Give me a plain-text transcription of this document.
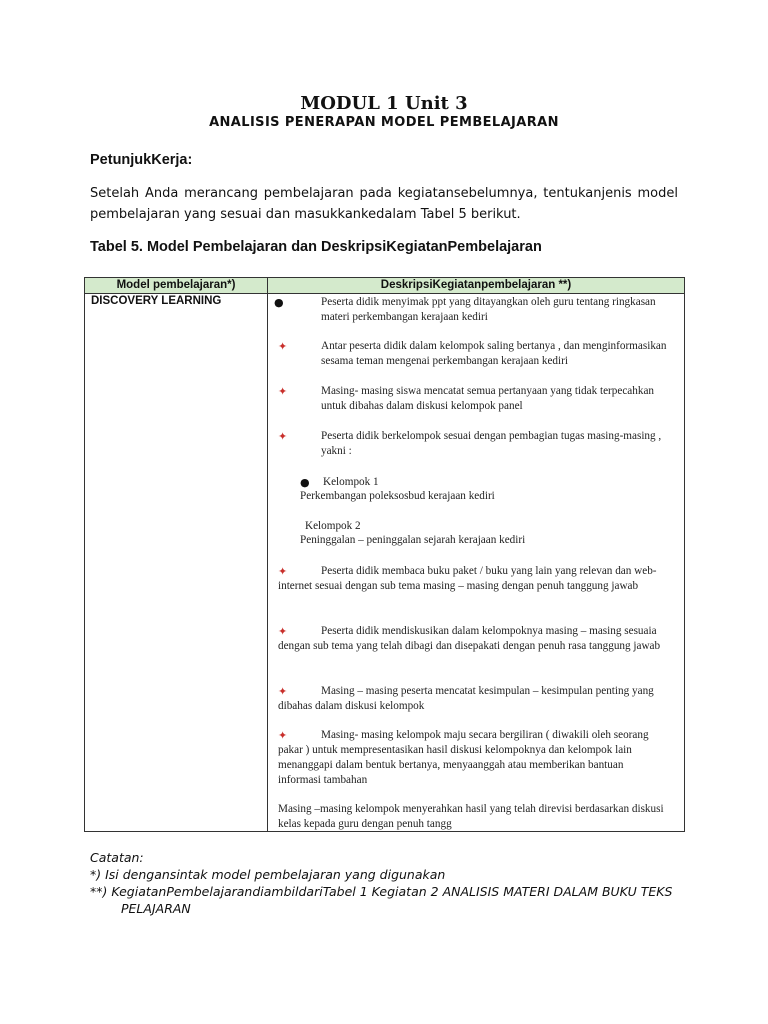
MODUL 1 Unit 3
ANALISIS PENERAPAN MODEL PEMBELAJARAN
PetunjukKerja:
Setelah Anda merancang pembelajaran pada kegiatansebelumnya, tentukanjenis model pembelajaran yang sesuai dan masukkankedalam Tabel 5 berikut.
Tabel 5. Model Pembelajaran dan DeskripsiKegiatanPembelajaran
Model pembelajaran*)	DeskripsiKegiatanpembelajaran **)
DISCOVERY LEARNING	●	Peserta didik menyimak ppt yang ditayangkan oleh guru tentang ringkasan materi perkembangan kerajaan kediri
✦	Antar peserta didik dalam kelompok saling bertanya , dan menginformasikan sesama teman mengenai perkembangan kerajaan kediri
✦	Masing- masing siswa mencatat semua pertanyaan yang tidak terpecahkan untuk dibahas dalam diskusi kelompok panel
✦	Peserta didik berkelompok sesuai dengan pembagian tugas masing-masing , yakni :
● Kelompok 1
Perkembangan poleksosbud kerajaan kediri
Kelompok 2
Peninggalan – peninggalan sejarah kerajaan kediri
✦	Peserta didik membaca buku paket / buku yang lain yang relevan dan web- internet sesuai dengan sub tema masing – masing dengan penuh tanggung jawab
✦	Peserta didik mendiskusikan dalam kelompoknya masing – masing sesuaia dengan sub tema yang telah dibagi dan disepakati dengan penuh rasa tanggung jawab
✦	Masing – masing peserta mencatat kesimpulan – kesimpulan penting yang dibahas dalam diskusi kelompok
✦	Masing- masing kelompok maju secara bergiliran ( diwakili oleh seorang pakar ) untuk mempresentasikan hasil diskusi kelompoknya dan kelompok lain menanggapi dalam bentuk bertanya, menyaanggah atau memberikan bantuan informasi tambahan
Masing –masing kelompok menyerahkan hasil yang telah direvisi berdasarkan diskusi kelas kepada guru dengan penuh tangg
Catatan:
*) Isi dengansintak model pembelajaran yang digunakan
**) KegiatanPembelajarandiambildariTabel 1 Kegiatan 2 ANALISIS MATERI DALAM BUKU TEKS
PELAJARAN
